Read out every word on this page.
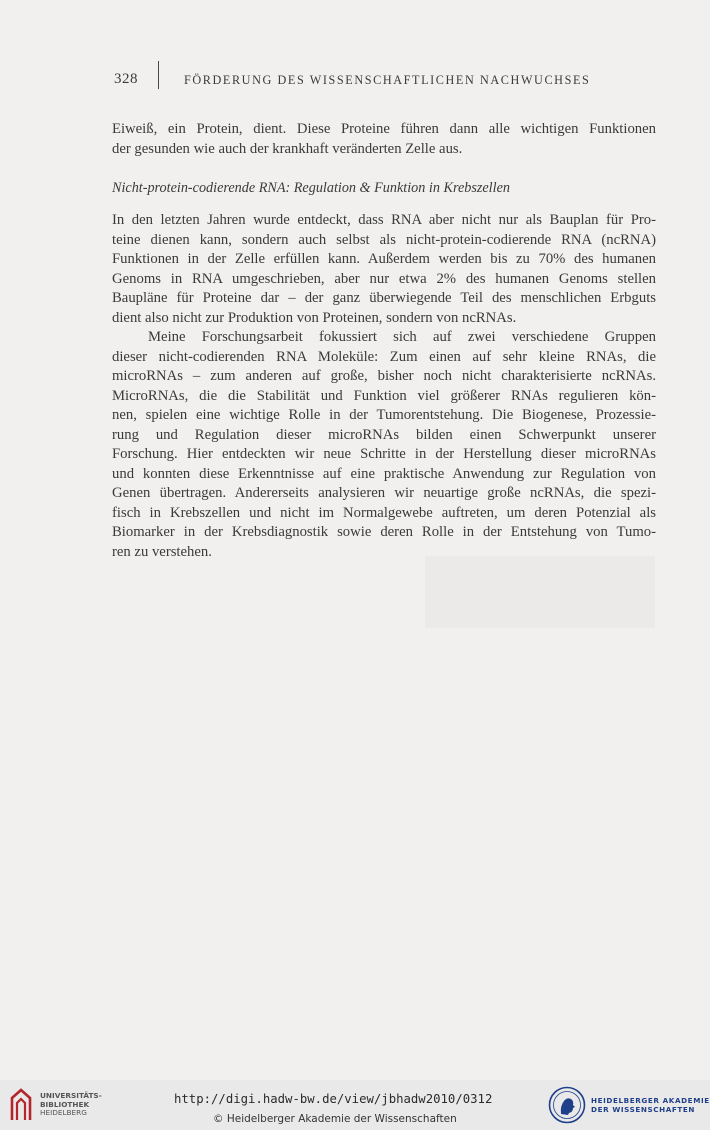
328	FÖRDERUNG DES WISSENSCHAFTLICHEN NACHWUCHSES
Eiweiß, ein Protein, dient. Diese Proteine führen dann alle wichtigen Funktionen
der gesunden wie auch der krankhaft veränderten Zelle aus.
Nicht-protein-codierende RNA: Regulation & Funktion in Krebszellen
In den letzten Jahren wurde entdeckt, dass RNA aber nicht nur als Bauplan für Pro-
teine dienen kann, sondern auch selbst als nicht-protein-codierende RNA (ncRNA)
Funktionen in der Zelle erfüllen kann. Außerdem werden bis zu 70% des humanen
Genoms in RNA umgeschrieben, aber nur etwa 2% des humanen Genoms stellen
Baupläne für Proteine dar – der ganz überwiegende Teil des menschlichen Erbguts
dient also nicht zur Produktion von Proteinen, sondern von ncRNAs.
Meine Forschungsarbeit fokussiert sich auf zwei verschiedene Gruppen
dieser nicht-codierenden RNA Moleküle: Zum einen auf sehr kleine RNAs, die
microRNAs – zum anderen auf große, bisher noch nicht charakterisierte ncRNAs.
MicroRNAs, die die Stabilität und Funktion viel größerer RNAs regulieren kön-
nen, spielen eine wichtige Rolle in der Tumorentstehung. Die Biogenese, Prozessie-
rung und Regulation dieser microRNAs bilden einen Schwerpunkt unserer
Forschung. Hier entdeckten wir neue Schritte in der Herstellung dieser microRNAs
und konnten diese Erkenntnisse auf eine praktische Anwendung zur Regulation von
Genen übertragen. Andererseits analysieren wir neuartige große ncRNAs, die spezi-
fisch in Krebszellen und nicht im Normalgewebe auftreten, um deren Potenzial als
Biomarker in der Krebsdiagnostik sowie deren Rolle in der Entstehung von Tumo-
ren zu verstehen.
UNIVERSITÄTS-
BIBLIOTHEK
HEIDELBERG
http://digi.hadw-bw.de/view/jbhadw2010/0312
© Heidelberger Akademie der Wissenschaften
HEIDELBERGER AKADEMIE
DER WISSENSCHAFTEN
